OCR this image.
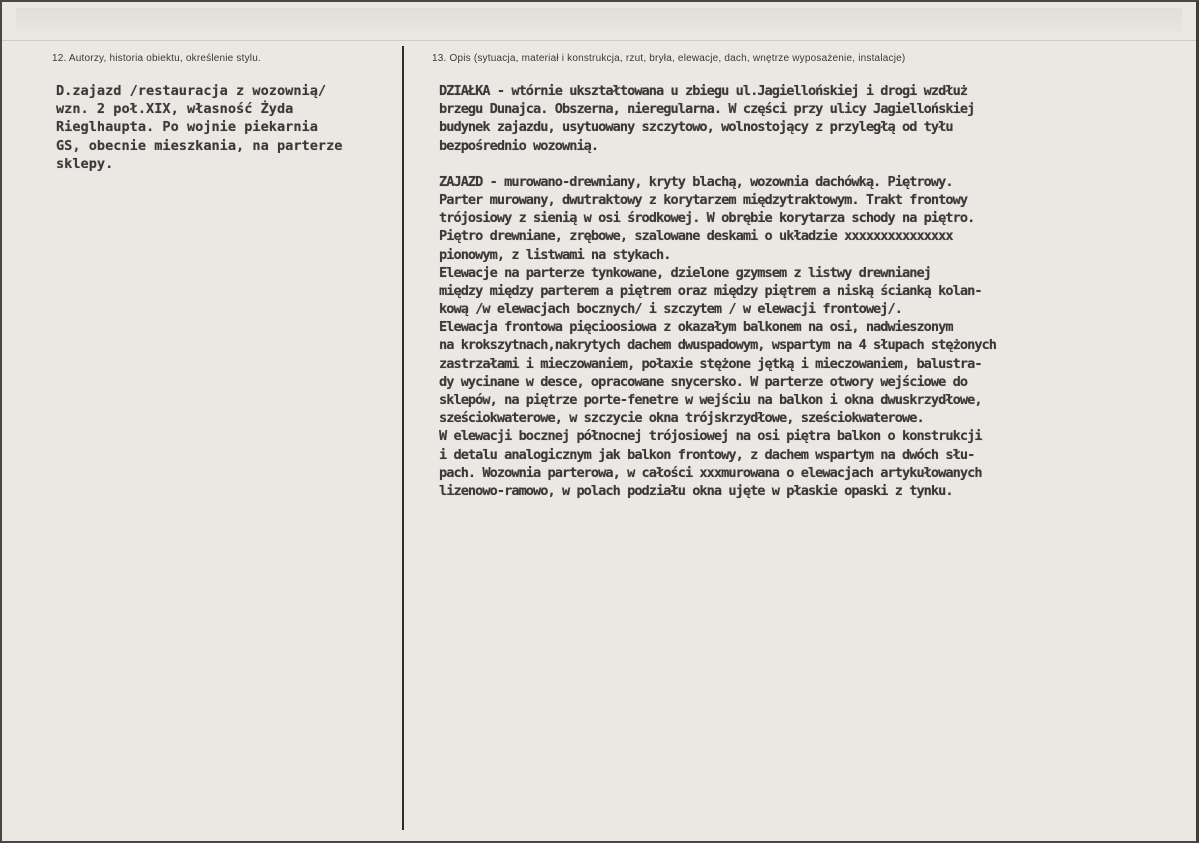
12. Autorzy, historia obiektu, określenie stylu.	13. Opis (sytuacja, materiał i konstrukcja, rzut, bryła, elewacje, dach, wnętrze wyposażenie, instalacje)
D.zajazd /restauracja z wozownią/
wzn. 2 poł.XIX, własność Żyda
Rieglhaupta. Po wojnie piekarnia
GS, obecnie mieszkania, na parterze
sklepy.
DZIAŁKA - wtórnie ukształtowana u zbiegu ul.Jagiellońskiej i drogi wzdłuż
brzegu Dunajca. Obszerna, nieregularna. W części przy ulicy Jagiellońskiej
budynek zajazdu, usytuowany szczytowo, wolnostojący z przyległą od tyłu
bezpośrednio wozownią.
ZAJAZD - murowano-drewniany, kryty blachą, wozownia dachówką. Piętrowy.
Parter murowany, dwutraktowy z korytarzem międzytraktowym. Trakt frontowy
trójosiowy z sienią w osi środkowej. W obrębie korytarza schody na piętro.
Piętro drewniane, zrębowe, szalowane deskami o układzie xxxxxxxxxxxxxxx
pionowym, z listwami na stykach.
Elewacje na parterze tynkowane, dzielone gzymsem z listwy drewnianej
między między parterem a piętrem oraz między piętrem a niską ścianką kolan-
kową /w elewacjach bocznych/ i szczytem / w elewacji frontowej/.
Elewacja frontowa pięcioosiowa z okazałym balkonem na osi, nadwieszonym
na krokszytnach,nakrytych dachem dwuspadowym, wspartym na 4 słupach stężonych
zastrzałami i mieczowaniem, połaxie stężone jętką i mieczowaniem, balustra-
dy wycinane w desce, opracowane snycersko. W parterze otwory wejściowe do
sklepów, na piętrze porte-fenetre w wejściu na balkon i okna dwuskrzydłowe,
sześciokwaterowe, w szczycie okna trójskrzydłowe, sześciokwaterowe.
W elewacji bocznej północnej trójosiowej na osi piętra balkon o konstrukcji
i detalu analogicznym jak balkon frontowy, z dachem wspartym na dwóch słu-
pach. Wozownia parterowa, w całości xxxmurowana o elewacjach artykułowanych
lizenowo-ramowo, w polach podziału okna ujęte w płaskie opaski z tynku.
